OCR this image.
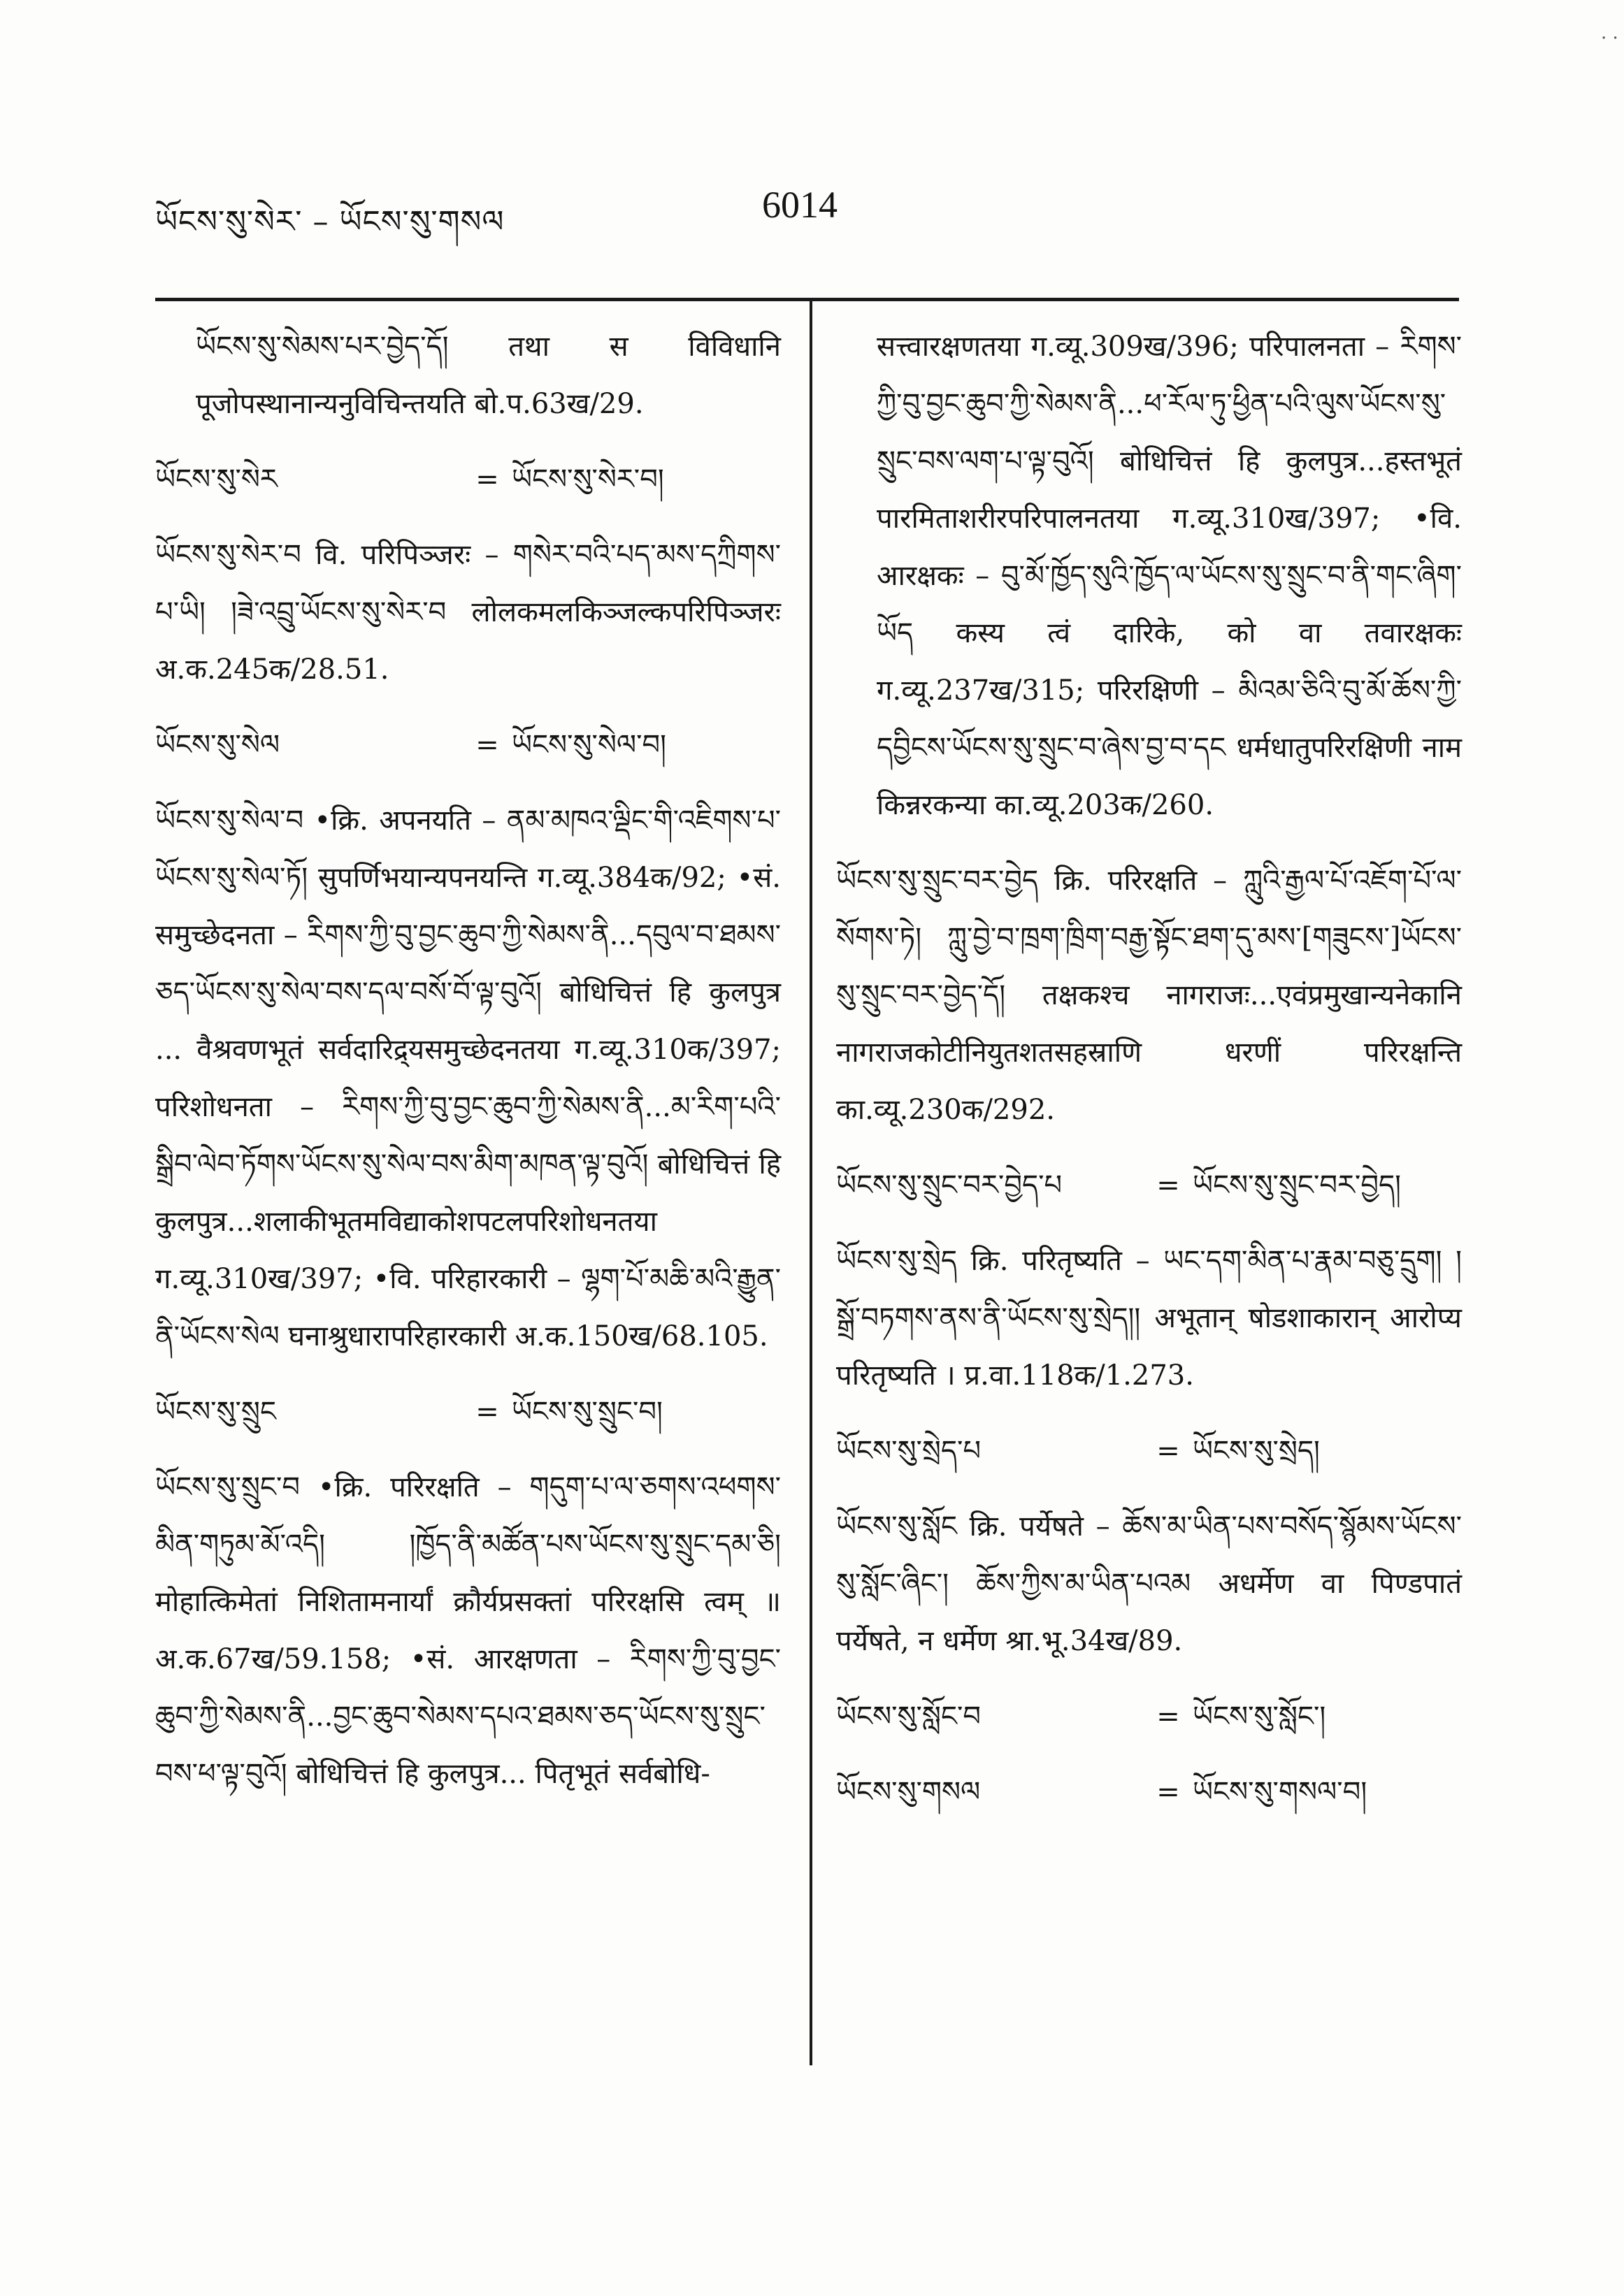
ཡོངས་སུ་སེར་ – ཡོངས་སུ་གསལ	6014
· ·
ཡོངས་སུ་སེམས་པར་བྱེད་དོ། तथा स विविधानि पूजोपस्थानान्यनुविचिन्तयति बो.प.63ख/29.
ཡོངས་སུ་སེར	= ཡོངས་སུ་སེར་བ།
ཡོངས་སུ་སེར་བ वि. परिपिञ्जरः – གསེར་བའི་པད་མས་དཀྲིགས་པ་ཡི། །ཟེ་འབྲུ་ཡོངས་སུ་སེར་བ लोलकमलकिञ्जल्कपरिपिञ्जरः अ.क.245क/28.51.
ཡོངས་སུ་སེལ	= ཡོངས་སུ་སེལ་བ།
ཡོངས་སུ་སེལ་བ •क्रि. अपनयति – ནམ་མཁའ་ལྡིང་གི་འཇིགས་པ་ཡོངས་སུ་སེལ་ཏོ། सुपर्णिभयान्यपनयन्ति ग.व्यू.384क/92; •सं. समुच्छेदनता – རིགས་ཀྱི་བུ་བྱང་ཆུབ་ཀྱི་སེམས་ནི...དབུལ་བ་ཐམས་ཅད་ཡོངས་སུ་སེལ་བས་དལ་བསོ་བོ་ལྟ་བུའོ། बोधिचित्तं हि कुलपुत्र ... वैश्रवणभूतं सर्वदारिद्र्यसमुच्छेदनतया ग.व्यू.310क/397; परिशोधनता – རིགས་ཀྱི་བུ་བྱང་ཆུབ་ཀྱི་སེམས་ནི...མ་རིག་པའི་སྒྲིབ་ལེབ་ཏོགས་ཡོངས་སུ་སེལ་བས་མིག་མཁན་ལྟ་བུའོ། बोधिचित्तं हि कुलपुत्र...शलाकीभूतमविद्याकोशपटलपरिशोधनतया ग.व्यू.310ख/397; •वि. परिहारकारी – ལྷག་པོ་མཆི་མའི་རྒྱུན་ནི་ཡོངས་སེལ घनाश्रुधारापरिहारकारी अ.क.150ख/68.105.
ཡོངས་སུ་སྲུང	= ཡོངས་སུ་སྲུང་བ།
ཡོངས་སུ་སྲུང་བ •क्रि. परिरक्षति – གདུག་པ་ལ་ཅགས་འཕགས་མིན་གཏུམ་མོ་འདི། །ཁྱོད་ནི་མཚོན་པས་ཡོངས་སུ་སྲུང་དམ་ཅི། मोहात्किमेतां निशितामनार्यां क्रौर्यप्रसक्तां परिरक्षसि त्वम् ॥ अ.क.67ख/59.158; •सं. आरक्षणता – རིགས་ཀྱི་བུ་བྱང་ཆུབ་ཀྱི་སེམས་ནི...བྱང་ཆུབ་སེམས་དཔའ་ཐམས་ཅད་ཡོངས་སུ་སྲུང་བས་ཕ་ལྟ་བུའོ། बोधिचित्तं हि कुलपुत्र... पितृभूतं सर्वबोधि-
सत्त्वारक्षणतया ग.व्यू.309ख/396; परिपालनता – རིགས་ཀྱི་བུ་བྱང་ཆུབ་ཀྱི་སེམས་ནི...ཕ་རོལ་ཏུ་ཕྱིན་པའི་ལུས་ཡོངས་སུ་སྲུང་བས་ལག་པ་ལྟ་བུའོ། बोधिचित्तं हि कुलपुत्र...हस्तभूतं पारमिताशरीरपरिपालनतया ग.व्यू.310ख/397; •वि. आरक्षकः – བུ་མོ་ཁྱོད་སུའི་ཁྱོད་ལ་ཡོངས་སུ་སྲུང་བ་ནི་གང་ཞིག་ཡོད कस्य त्वं दारिके, को वा तवारक्षकः ग.व्यू.237ख/315; परिरक्षिणी – མིའམ་ཅིའི་བུ་མོ་ཆོས་ཀྱི་དབྱིངས་ཡོངས་སུ་སྲུང་བ་ཞེས་བྱ་བ་དང धर्मधातुपरिरक्षिणी नाम किन्नरकन्या का.व्यू.203क/260.
ཡོངས་སུ་སྲུང་བར་བྱེད क्रि. परिरक्षति – ཀླུའི་རྒྱལ་པོ་འཇོག་པོ་ལ་སོགས་ཏེ། ཀླུ་བྱེ་བ་ཁྲག་ཁྲིག་བརྒྱ་སྟོང་ཐག་དུ་མས་[གཟུངས་]ཡོངས་སུ་སྲུང་བར་བྱེད་དོ། तक्षकश्च नागराजः...एवंप्रमुखान्यनेकानि नागराजकोटीनियुतशतसहस्राणि धरणीं परिरक्षन्ति का.व्यू.230क/292.
ཡོངས་སུ་སྲུང་བར་བྱེད་པ	= ཡོངས་སུ་སྲུང་བར་བྱེད།
ཡོངས་སུ་སྲེད क्रि. परितृष्यति – ཡང་དག་མིན་པ་རྣམ་བཅུ་དྲུག། །སྒྲོ་བཏགས་ནས་ནི་ཡོངས་སུ་སྲེད།། अभूतान् षोडशाकारान् आरोप्य परितृष्यति । प्र.वा.118क/1.273.
ཡོངས་སུ་སྲེད་པ	= ཡོངས་སུ་སྲེད།
ཡོངས་སུ་སློང क्रि. पर्येषते – ཆོས་མ་ཡིན་པས་བསོད་སྙོམས་ཡོངས་སུ་སློང་ཞིང་། ཆོས་ཀྱིས་མ་ཡིན་པའམ अधर्मेण वा पिण्डपातं पर्येषते, न धर्मेण श्रा.भू.34ख/89.
ཡོངས་སུ་སློང་བ	= ཡོངས་སུ་སློང་།
ཡོངས་སུ་གསལ	= ཡོངས་སུ་གསལ་བ།
